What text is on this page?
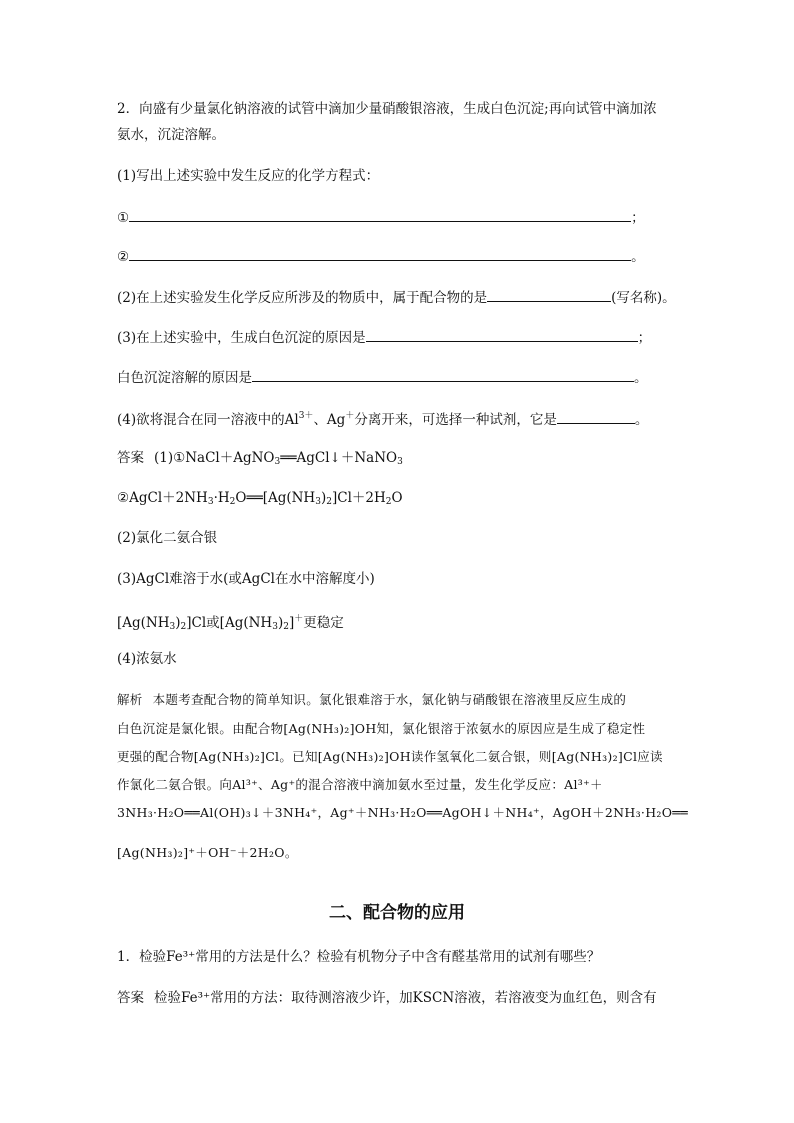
2．向盛有少量氯化钠溶液的试管中滴加少量硝酸银溶液，生成白色沉淀;再向试管中滴加浓
氨水，沉淀溶解。
(1)写出上述实验中发生反应的化学方程式：
①	；
②	。
(2)在上述实验发生化学反应所涉及的物质中，属于配合物的是	(写名称)。
(3)在上述实验中，生成白色沉淀的原因是	；
白色沉淀溶解的原因是	。
(4)欲将混合在同一溶液中的$Al^{3+}$、Ag＋分离开来，可选择一种试剂，它是	。
答案 (1)①NaCl＋AgNO$_3$══AgCl↓＋NaNO$_3$
$②AgCl+2NH_3\cdot H_2O══[Ag(NH_3)_2]Cl+2H_2O$
(2)氯化二氨合银
(3)AgCl难溶于水(或AgCl在水中溶解度小)
$[Ag(NH_3)_2]Cl$或$[Ag(NH_3)_2]^+$更稳定
(4)浓氨水
解析 本题考查配合物的简单知识。氯化银难溶于水，氯化钠与硝酸银在溶液里反应生成的
白色沉淀是氯化银。由配合物[Ag(NH₃)₂]OH知，氯化银溶于浓氨水的原因应是生成了稳定性
更强的配合物[Ag(NH₃)₂]Cl。已知[Ag(NH₃)₂]OH读作氢氧化二氨合银，则[Ag(NH₃)₂]Cl应读
作氯化二氨合银。向Al³⁺、Ag⁺的混合溶液中滴加氨水至过量，发生化学反应：Al³⁺＋
3NH₃·H₂O══Al(OH)₃↓＋3NH₄⁺，Ag⁺＋NH₃·H₂O══AgOH↓＋NH₄⁺，AgOH＋2NH₃·H₂O══
[Ag(NH₃)₂]⁺＋OH⁻＋2H₂O。
二、配合物的应用
1．检验Fe³⁺常用的方法是什么？检验有机物分子中含有醛基常用的试剂有哪些？
答案 检验Fe³⁺常用的方法：取待测溶液少许，加KSCN溶液，若溶液变为血红色，则含有
